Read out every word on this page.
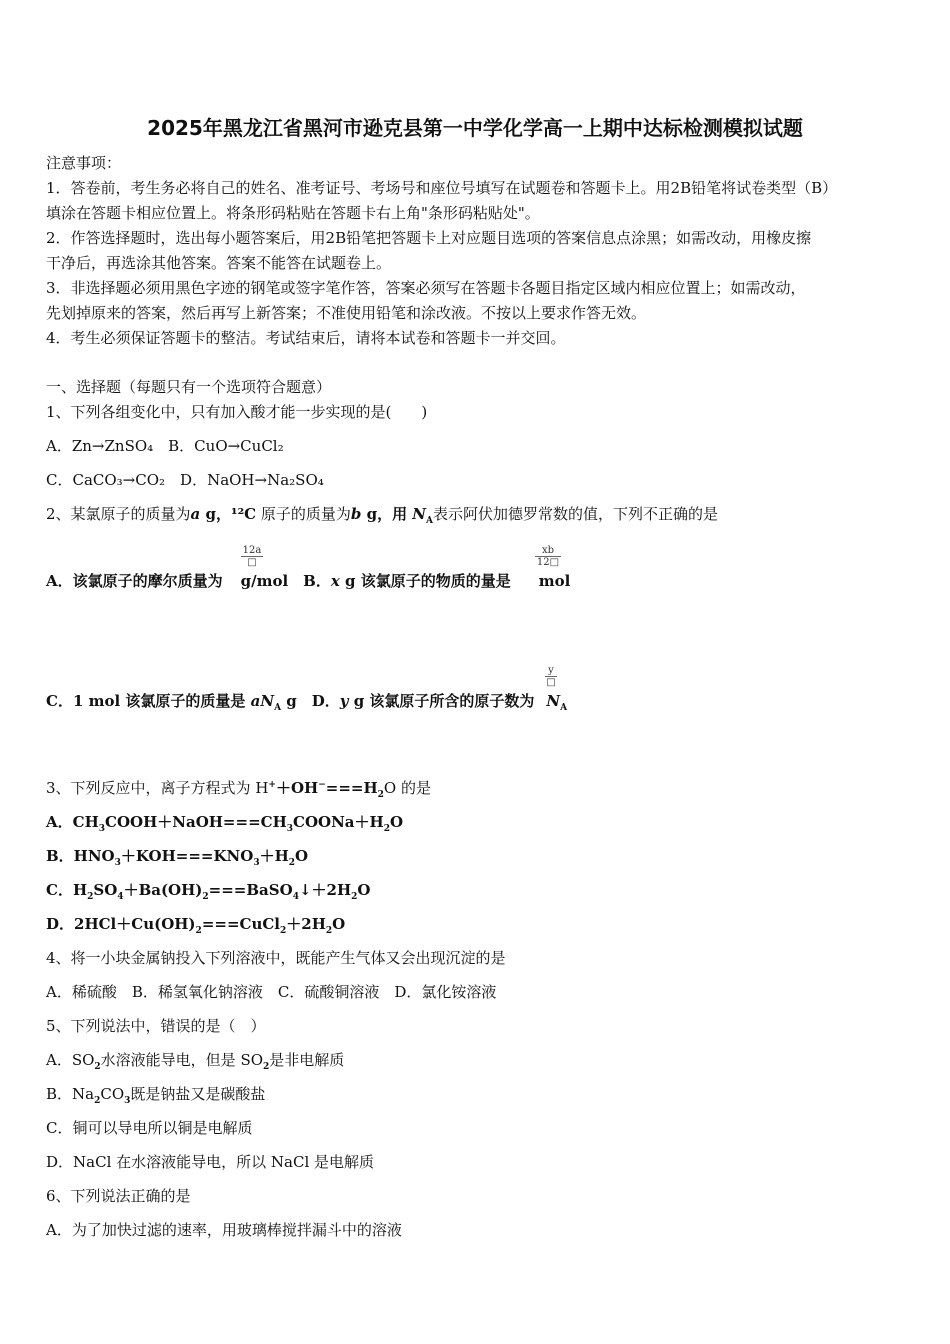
2025年黑龙江省黑河市逊克县第一中学化学高一上期中达标检测模拟试题
注意事项：
1．答卷前，考生务必将自己的姓名、准考证号、考场号和座位号填写在试题卷和答题卡上。用2B铅笔将试卷类型（B）
填涂在答题卡相应位置上。将条形码粘贴在答题卡右上角"条形码粘贴处"。
2．作答选择题时，选出每小题答案后，用2B铅笔把答题卡上对应题目选项的答案信息点涂黑；如需改动，用橡皮擦
干净后，再选涂其他答案。答案不能答在试题卷上。
3．非选择题必须用黑色字迹的钢笔或签字笔作答，答案必须写在答题卡各题目指定区域内相应位置上；如需改动，
先划掉原来的答案，然后再写上新答案；不准使用铅笔和涂改液。不按以上要求作答无效。
4．考生必须保证答题卡的整洁。考试结束后，请将本试卷和答题卡一并交回。
一、选择题（每题只有一个选项符合题意）
1、下列各组变化中，只有加入酸才能一步实现的是(　　)
A．Zn→ZnSO₄　B．CuO→CuCl₂
C．CaCO₃→CO₂　D．NaOH→Na₂SO₄
2、某氯原子的质量为a g，¹²C 原子的质量为b g，用 $N_A$表示阿伏加德罗常数的值，下列不正确的是
12a
□	$\frac{xb}{12□}$
A．该氯原子的摩尔质量为 g/mol　B．x g 该氯原子的物质的量是 mol
y
□
C．1 mol 该氯原子的质量是 $aN_A$ g　D．y g 该氯原子所含的原子数为 $N_A$
3、下列反应中，离子方程式为 $H^++OH^-===H_2O$ 的是
A．$CH_3COOH+NaOH===CH_3COONa+H_2O$
B．$HNO_3+KOH===KNO_3+H_2O$
C．$H_2SO_4+Ba(OH)_2===BaSO_4↓+2H_2O$
D．$2HCl+Cu(OH)_2===CuCl_2+2H_2O$
4、将一小块金属钠投入下列溶液中，既能产生气体又会出现沉淀的是
A．稀硫酸　B．稀氢氧化钠溶液　C．硫酸铜溶液　D．氯化铵溶液
5、下列说法中，错误的是（　）
A．$SO_2$水溶液能导电，但是 $SO_2$是非电解质
B．$Na_2CO_3$既是钠盐又是碳酸盐
C．铜可以导电所以铜是电解质
D．NaCl 在水溶液能导电，所以 NaCl 是电解质
6、下列说法正确的是
A．为了加快过滤的速率，用玻璃棒搅拌漏斗中的溶液
